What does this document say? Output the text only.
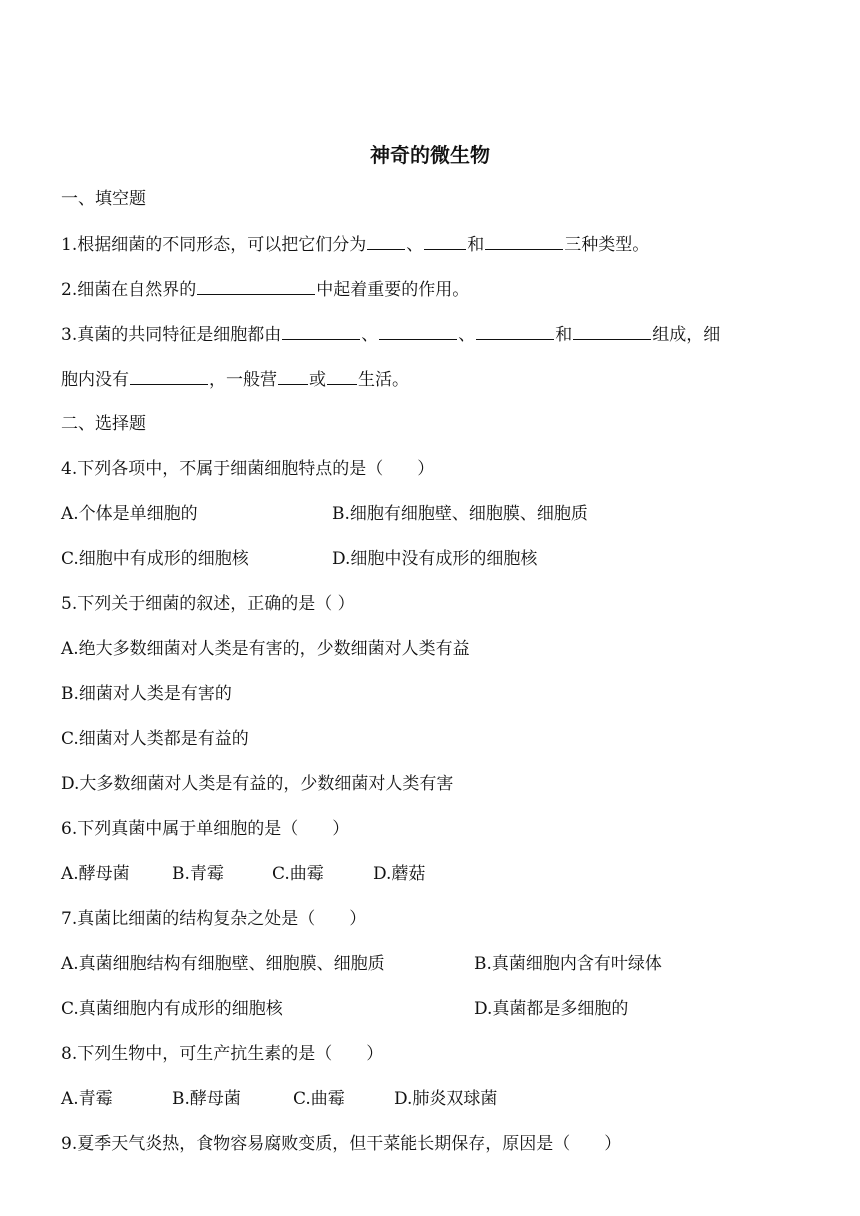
神奇的微生物
一、填空题
1.根据细菌的不同形态，可以把它们分为 、	和	三种类型。
2.细菌在自然界的	中起着重要的作用。
3.真菌的共同特征是细胞都由	、	、	和	组成，细
胞内没有	，一般营 或 生活。
二、选择题
4.下列各项中，不属于细菌细胞特点的是（　　）
A.个体是单细胞的	B.细胞有细胞壁、细胞膜、细胞质
C.细胞中有成形的细胞核	D.细胞中没有成形的细胞核
5.下列关于细菌的叙述，正确的是（ ）
A.绝大多数细菌对人类是有害的，少数细菌对人类有益
B.细菌对人类是有害的
C.细菌对人类都是有益的
D.大多数细菌对人类是有益的，少数细菌对人类有害
6.下列真菌中属于单细胞的是（　　）
A.酵母菌 B.青霉	C.曲霉	D.蘑菇
7.真菌比细菌的结构复杂之处是（　　）
A.真菌细胞结构有细胞壁、细胞膜、细胞质	B.真菌细胞内含有叶绿体
C.真菌细胞内有成形的细胞核	D.真菌都是多细胞的
8.下列生物中，可生产抗生素的是（　　）
A.青霉	B.酵母菌	C.曲霉	D.肺炎双球菌
9.夏季天气炎热，食物容易腐败变质，但干菜能长期保存，原因是（　　）
